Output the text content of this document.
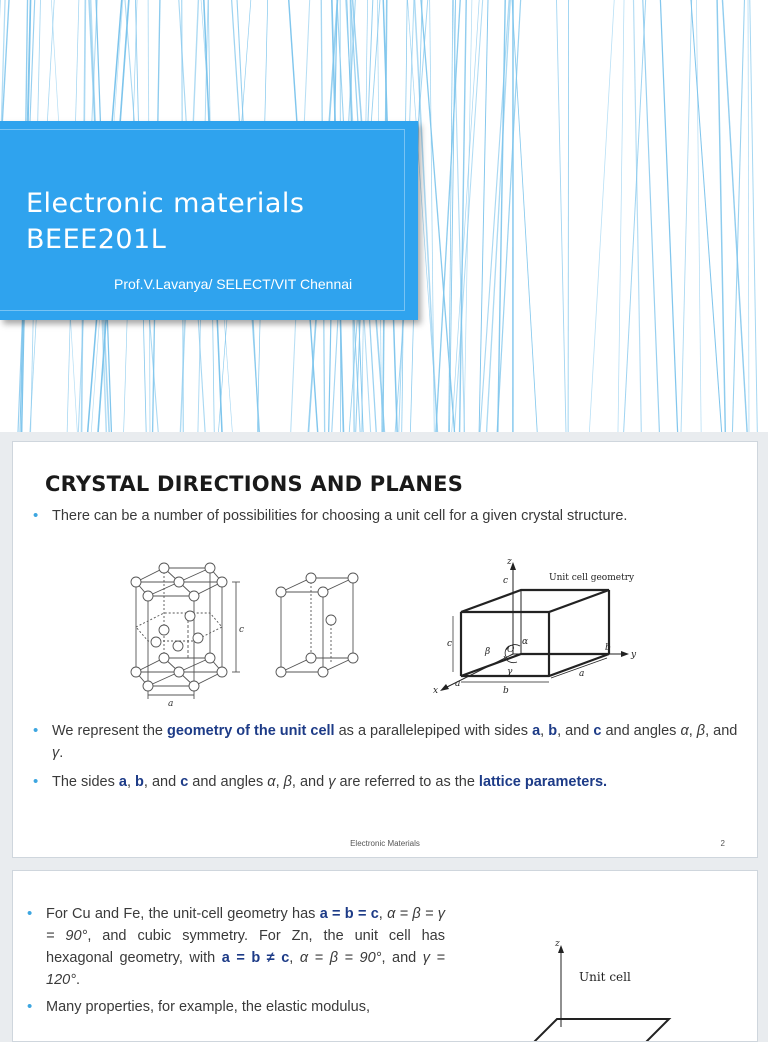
Electronic materials
BEEE201L
Prof.V.Lavanya/ SELECT/VIT Chennai
CRYSTAL DIRECTIONS AND PLANES
• There can be a number of possibilities for choosing a unit cell for a given crystal structure.
c
a
z
Unit cell geometry
y
x
c
c
b
b
a
a
α
β
γ
O
• We represent the geometry of the unit cell as a parallelepiped with sides a, b, and c and angles α, β, and γ.
• The sides a, b, and c and angles α, β, and γ are referred to as the lattice parameters.
Electronic Materials	2
• For Cu and Fe, the unit-cell geometry has a = b = c, α = β = γ = 90°, and cubic symmetry. For Zn, the unit cell has hexagonal geometry, with a = b ≠ c, α = β = 90°, and γ = 120°.
• Many properties, for example, the elastic modulus,
z
Unit cell
